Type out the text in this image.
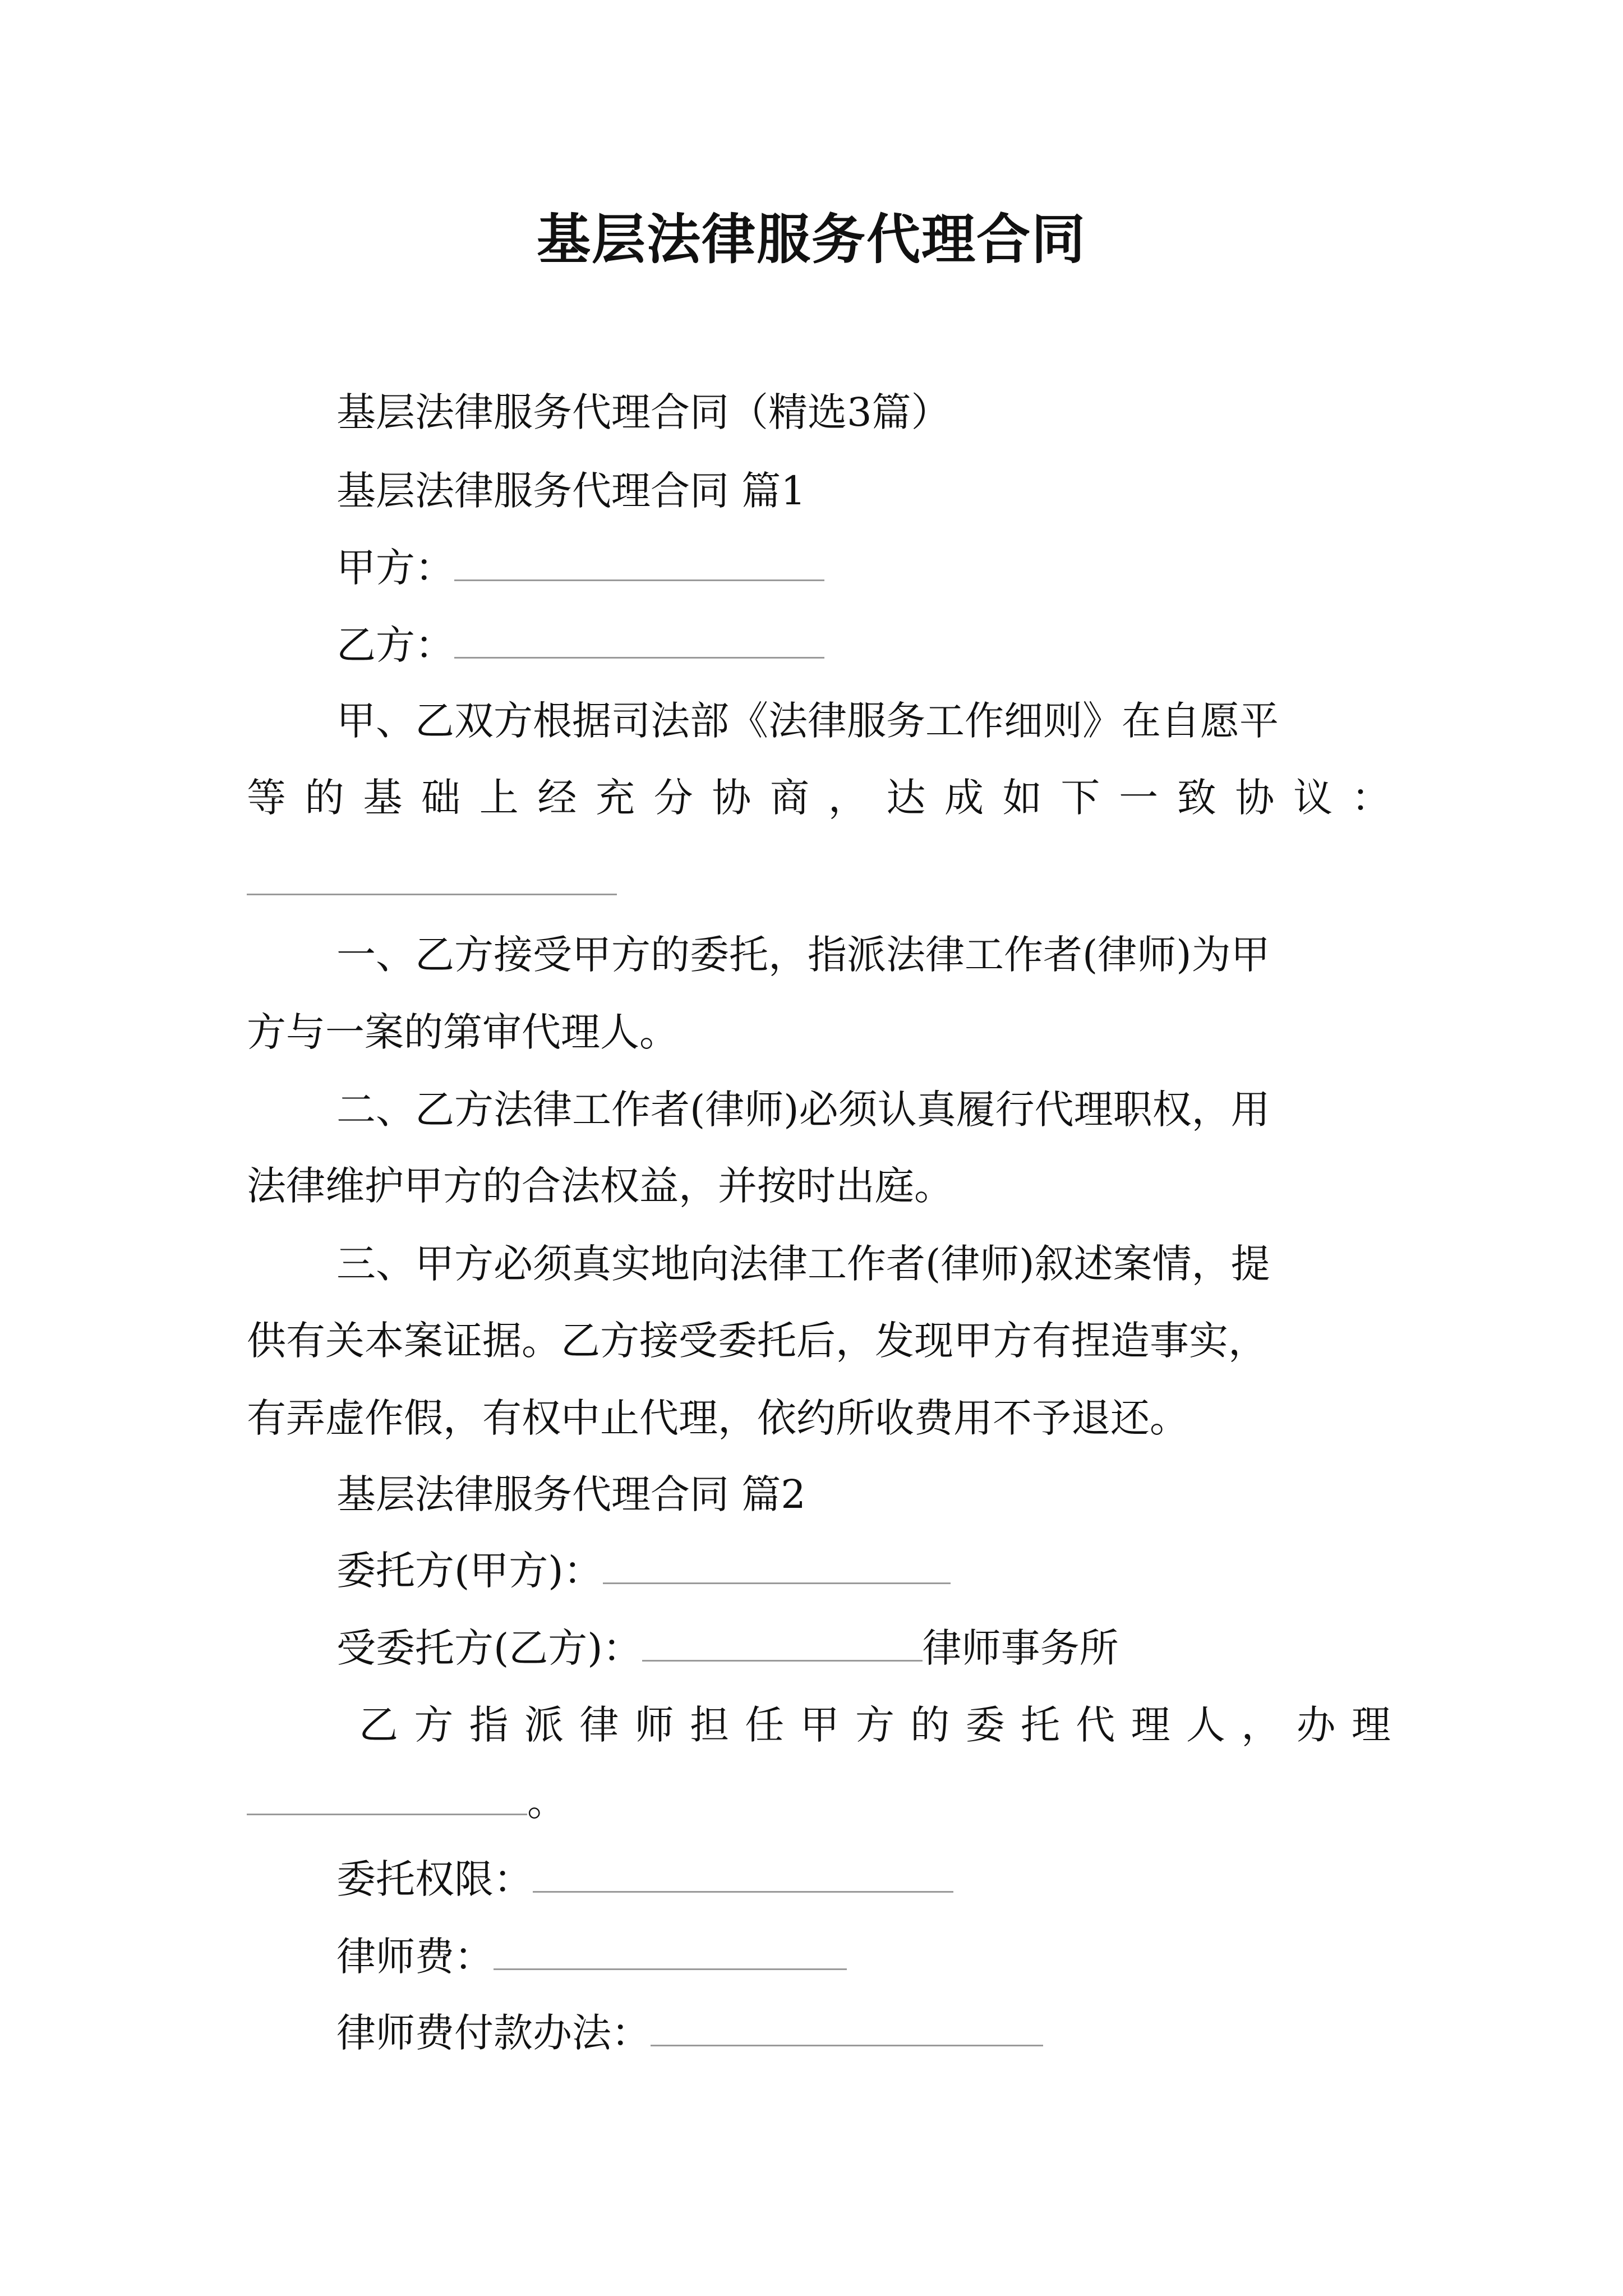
基层法律服务代理合同
基层法律服务代理合同（精选3篇）
基层法律服务代理合同 篇1
甲方：
乙方：
甲、乙双方根据司法部《法律服务工作细则》在自愿平
等 的 基 础 上 经 充 分 协 商 ， 达 成 如 下 一 致 协 议 ：
一、乙方接受甲方的委托，指派法律工作者(律师)为甲
方与一案的第审代理人。
二、乙方法律工作者(律师)必须认真履行代理职权，用
法律维护甲方的合法权益，并按时出庭。
三、甲方必须真实地向法律工作者(律师)叙述案情，提
供有关本案证据。乙方接受委托后，发现甲方有捏造事实，
有弄虚作假，有权中止代理，依约所收费用不予退还。
基层法律服务代理合同 篇2
委托方(甲方)：
受委托方(乙方)：	律师事务所
乙 方 指 派 律 师 担 任 甲 方 的 委 托 代 理 人 ， 办 理
。
委托权限：
律师费：
律师费付款办法：
